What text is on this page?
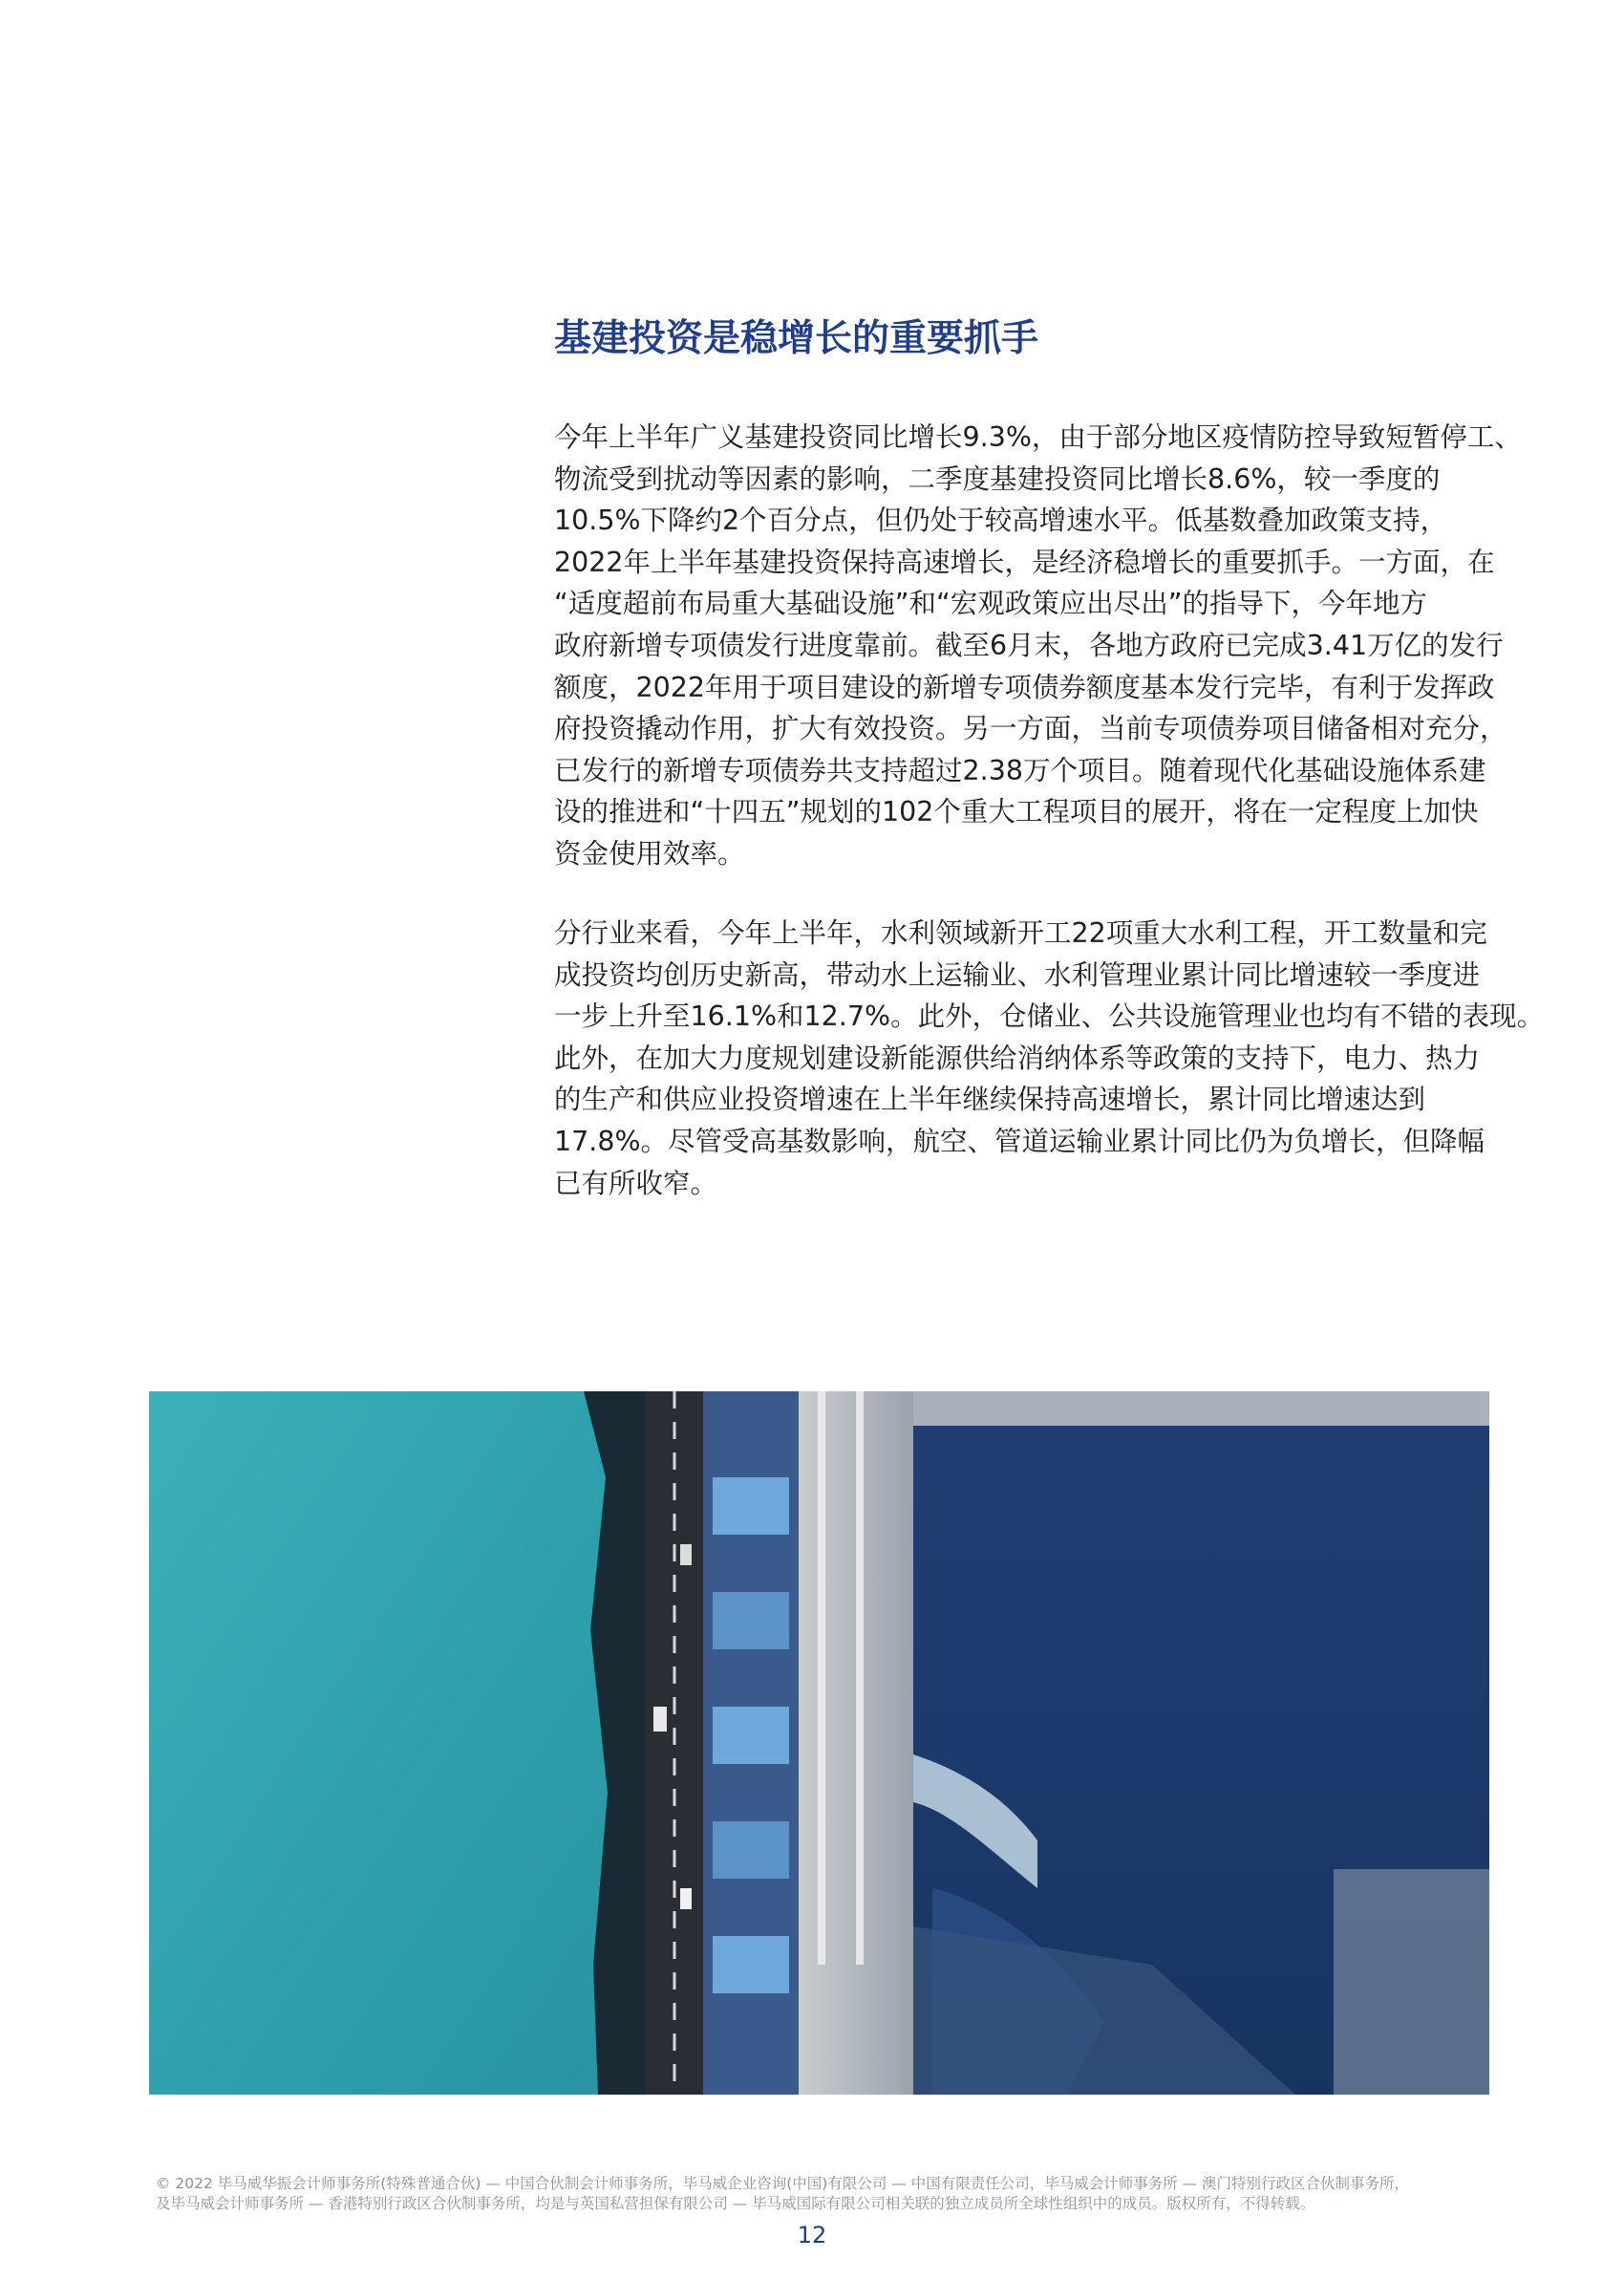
基建投资是稳增长的重要抓手
今年上半年广义基建投资同比增长9.3%，由于部分地区疫情防控导致短暂停工、
物流受到扰动等因素的影响，二季度基建投资同比增长8.6%，较一季度的
10.5%下降约2个百分点，但仍处于较高增速水平。低基数叠加政策支持，
2022年上半年基建投资保持高速增长，是经济稳增长的重要抓手。一方面，在
“适度超前布局重大基础设施”和“宏观政策应出尽出”的指导下，今年地方
政府新增专项债发行进度靠前。截至6月末，各地方政府已完成3.41万亿的发行
额度，2022年用于项目建设的新增专项债券额度基本发行完毕，有利于发挥政
府投资撬动作用，扩大有效投资。另一方面，当前专项债券项目储备相对充分，
已发行的新增专项债券共支持超过2.38万个项目。随着现代化基础设施体系建
设的推进和“十四五”规划的102个重大工程项目的展开，将在一定程度上加快
资金使用效率。
分行业来看，今年上半年，水利领域新开工22项重大水利工程，开工数量和完
成投资均创历史新高，带动水上运输业、水利管理业累计同比增速较一季度进
一步上升至16.1%和12.7%。此外，仓储业、公共设施管理业也均有不错的表现。
此外，在加大力度规划建设新能源供给消纳体系等政策的支持下，电力、热力
的生产和供应业投资增速在上半年继续保持高速增长，累计同比增速达到
17.8%。尽管受高基数影响，航空、管道运输业累计同比仍为负增长，但降幅
已有所收窄。
© 2022 毕马威华振会计师事务所(特殊普通合伙) — 中国合伙制会计师事务所，毕马威企业咨询(中国)有限公司 — 中国有限责任公司，毕马威会计师事务所 — 澳门特别行政区合伙制事务所，
及毕马威会计师事务所 — 香港特别行政区合伙制事务所，均是与英国私营担保有限公司 — 毕马威国际有限公司相关联的独立成员所全球性组织中的成员。版权所有，不得转载。
12
